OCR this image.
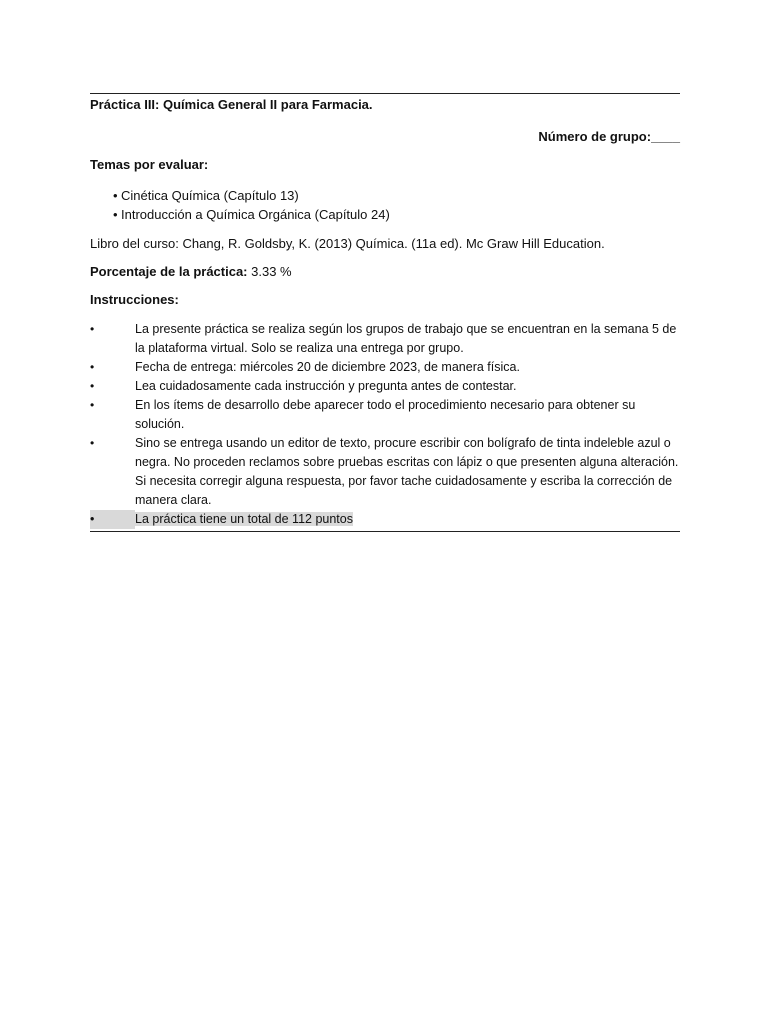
Práctica III: Química General II para Farmacia.
Número de grupo:____
Temas por evaluar:
• Cinética Química (Capítulo 13)
• Introducción a Química Orgánica (Capítulo 24)
Libro del curso: Chang, R. Goldsby, K. (2013) Química. (11a ed). Mc Graw Hill Education.
Porcentaje de la práctica: 3.33 %
Instrucciones:
•	La presente práctica se realiza según los grupos de trabajo que se encuentran en la semana 5 de la plataforma virtual. Solo se realiza una entrega por grupo.
•	Fecha de entrega: miércoles 20 de diciembre 2023, de manera física.
•	Lea cuidadosamente cada instrucción y pregunta antes de contestar.
•	En los ítems de desarrollo debe aparecer todo el procedimiento necesario para obtener su solución.
•	Sino se entrega usando un editor de texto, procure escribir con bolígrafo de tinta indeleble azul o negra. No proceden reclamos sobre pruebas escritas con lápiz o que presenten alguna alteración. Si necesita corregir alguna respuesta, por favor tache cuidadosamente y escriba la corrección de manera clara.
•	La práctica tiene un total de 112 puntos
